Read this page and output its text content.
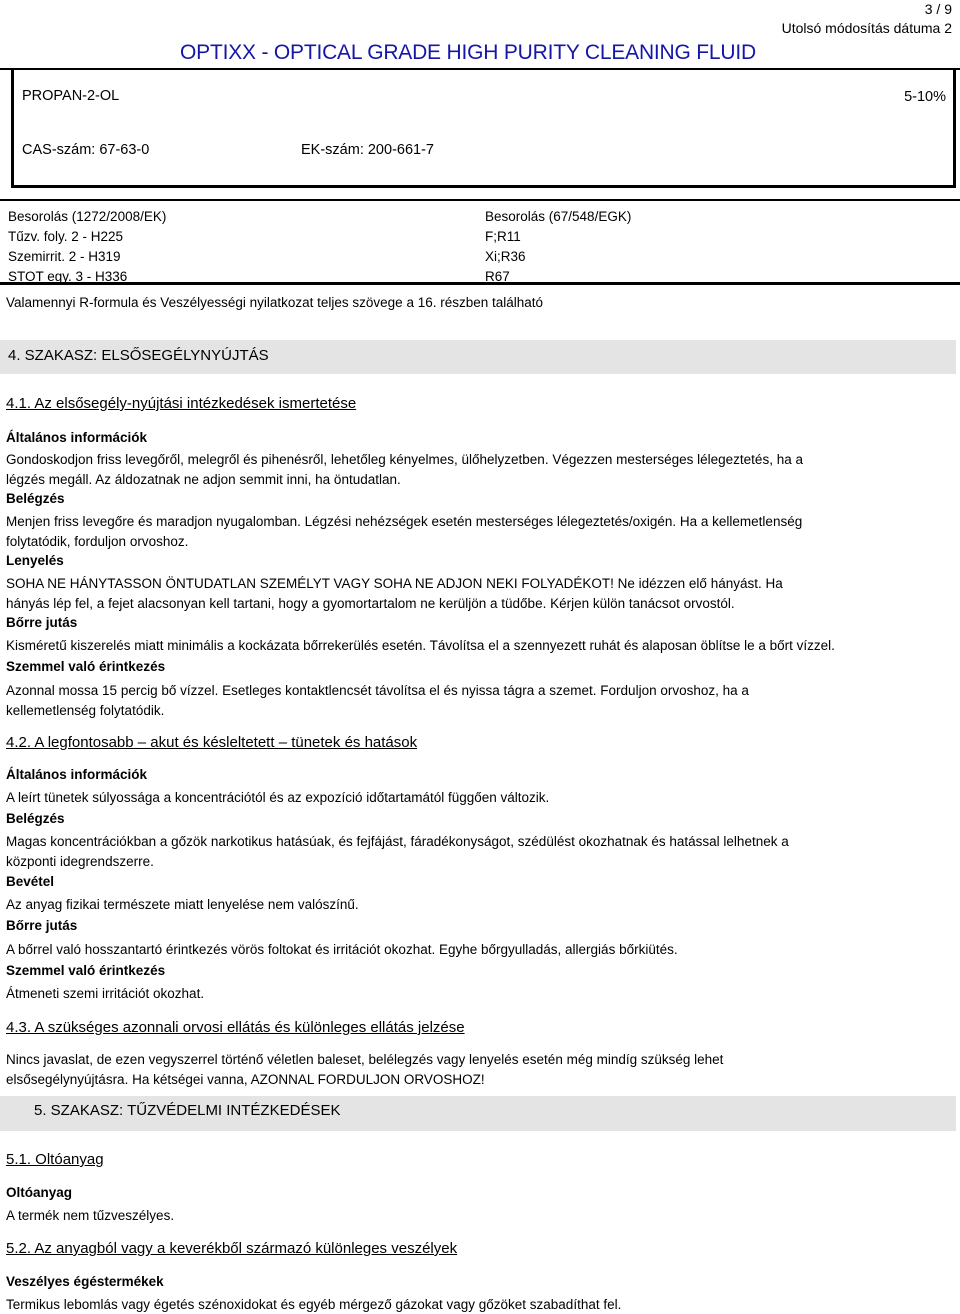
3 / 9
Utolsó módosítás dátuma 2
OPTIXX - OPTICAL GRADE HIGH PURITY CLEANING FLUID
PROPAN-2-OL	5-10%
CAS-szám: 67-63-0	EK-szám: 200-661-7
Besorolás (1272/2008/EK)
Tűzv. foly. 2 - H225
Szemirrit. 2 - H319
STOT egy. 3 - H336
Besorolás (67/548/EGK)
F;R11
Xi;R36
R67
Valamennyi R-formula és Veszélyességi nyilatkozat teljes szövege a 16. részben található
4. SZAKASZ: ELSŐSEGÉLYNYÚJTÁS
4.1. Az elsősegély-nyújtási intézkedések ismertetése
Általános információk
Gondoskodjon friss levegőről, melegről és pihenésről, lehetőleg kényelmes, ülőhelyzetben. Végezzen mesterséges lélegeztetés, ha a
légzés megáll. Az áldozatnak ne adjon semmit inni, ha öntudatlan.
Belégzés
Menjen friss levegőre és maradjon nyugalomban. Légzési nehézségek esetén mesterséges lélegeztetés/oxigén. Ha a kellemetlenség
folytatódik, forduljon orvoshoz.
Lenyelés
SOHA NE HÁNYTASSON ÖNTUDATLAN SZEMÉLYT VAGY SOHA NE ADJON NEKI FOLYADÉKOT! Ne idézzen elő hányást. Ha
hányás lép fel, a fejet alacsonyan kell tartani, hogy a gyomortartalom ne kerüljön a tüdőbe. Kérjen külön tanácsot orvostól.
Bőrre jutás
Kisméretű kiszerelés miatt minimális a kockázata bőrrekerülés esetén. Távolítsa el a szennyezett ruhát és alaposan öblítse le a bőrt vízzel.
Szemmel való érintkezés
Azonnal mossa 15 percig bő vízzel. Esetleges kontaktlencsét távolítsa el és nyissa tágra a szemet. Forduljon orvoshoz, ha a
kellemetlenség folytatódik.
4.2. A legfontosabb – akut és késleltetett – tünetek és hatások
Általános információk
A leírt tünetek súlyossága a koncentrációtól és az expozíció időtartamától függően változik.
Belégzés
Magas koncentrációkban a gőzök narkotikus hatásúak, és fejfájást, fáradékonyságot, szédülést okozhatnak és hatással lelhetnek a
központi idegrendszerre.
Bevétel
Az anyag fizikai természete miatt lenyelése nem valószínű.
Bőrre jutás
A bőrrel való hosszantartó érintkezés vörös foltokat és irritációt okozhat. Egyhe bőrgyulladás, allergiás bőrkiütés.
Szemmel való érintkezés
Átmeneti szemi irritációt okozhat.
4.3. A szükséges azonnali orvosi ellátás és különleges ellátás jelzése
Nincs javaslat, de ezen vegyszerrel történő véletlen baleset, belélegzés vagy lenyelés esetén még mindíg szükség lehet
elsősegélynyújtásra. Ha kétségei vanna, AZONNAL FORDULJON ORVOSHOZ!
5. SZAKASZ: TŰZVÉDELMI INTÉZKEDÉSEK
5.1. Oltóanyag
Oltóanyag
A termék nem tűzveszélyes.
5.2. Az anyagból vagy a keverékből származó különleges veszélyek
Veszélyes égéstermékek
Termikus lebomlás vagy égetés szénoxidokat és egyéb mérgező gázokat vagy gőzöket szabadíthat fel.
